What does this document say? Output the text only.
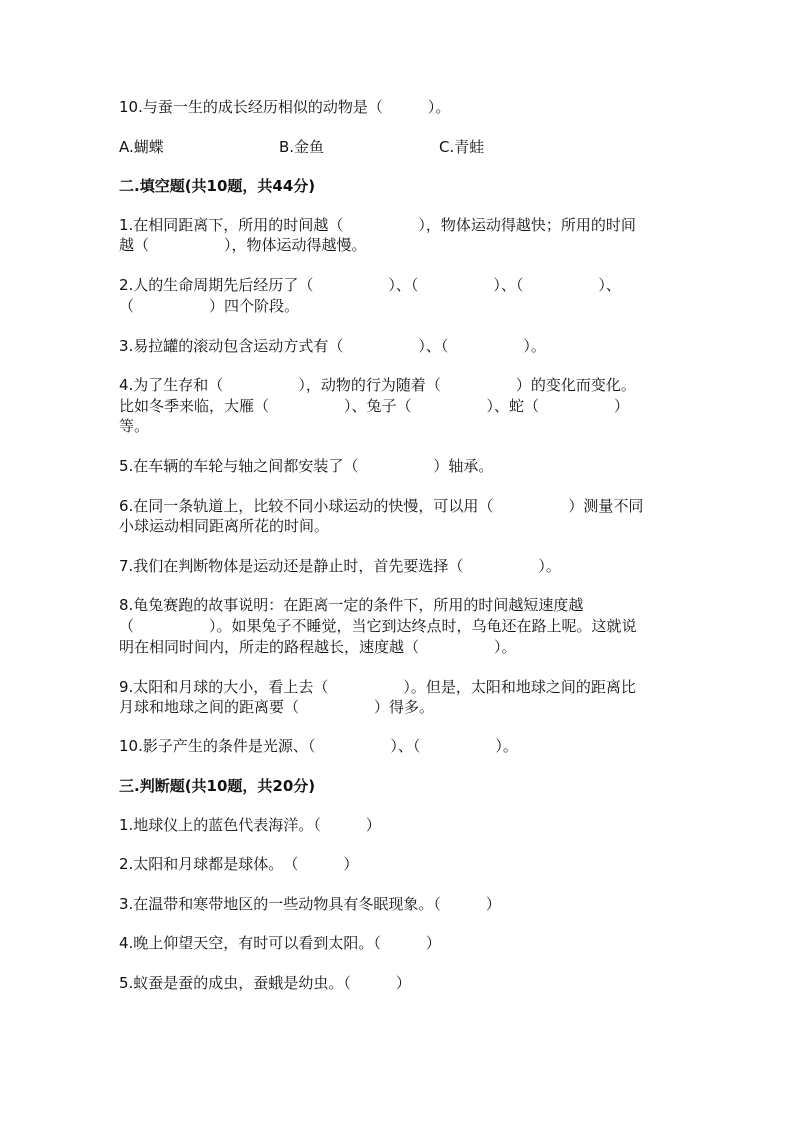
10.与蚕一生的成长经历相似的动物是（　　　）。
A.蝴蝶	B.金鱼	C.青蛙
二.填空题(共10题，共44分)
1.在相同距离下，所用的时间越（　　　　　），物体运动得越快；所用的时间
越（　　　　　），物体运动得越慢。
2.人的生命周期先后经历了（　　　　　）、（　　　　　）、（　　　　　）、
（　　　　　）四个阶段。
3.易拉罐的滚动包含运动方式有（　　　　　）、（　　　　　）。
4.为了生存和（　　　　　），动物的行为随着（　　　　　）的变化而变化。
比如冬季来临，大雁（　　　　　）、兔子（　　　　　）、蛇（　　　　　）
等。
5.在车辆的车轮与轴之间都安装了（　　　　　）轴承。
6.在同一条轨道上，比较不同小球运动的快慢，可以用（　　　　　）测量不同
小球运动相同距离所花的时间。
7.我们在判断物体是运动还是静止时，首先要选择（　　　　　）。
8.龟兔赛跑的故事说明：在距离一定的条件下，所用的时间越短速度越
（　　　　　）。如果兔子不睡觉，当它到达终点时，乌龟还在路上呢。这就说
明在相同时间内，所走的路程越长，速度越（　　　　　）。
9.太阳和月球的大小，看上去（　　　　　）。但是，太阳和地球之间的距离比
月球和地球之间的距离要（　　　　　）得多。
10.影子产生的条件是光源、（　　　　　）、（　　　　　）。
三.判断题(共10题，共20分)
1.地球仪上的蓝色代表海洋。（　　　）
2.太阳和月球都是球体。　（　　　）
3.在温带和寒带地区的一些动物具有冬眠现象。（　　　）
4.晚上仰望天空，有时可以看到太阳。（　　　）
5.蚁蚕是蚕的成虫，蚕蛾是幼虫。（　　　）
